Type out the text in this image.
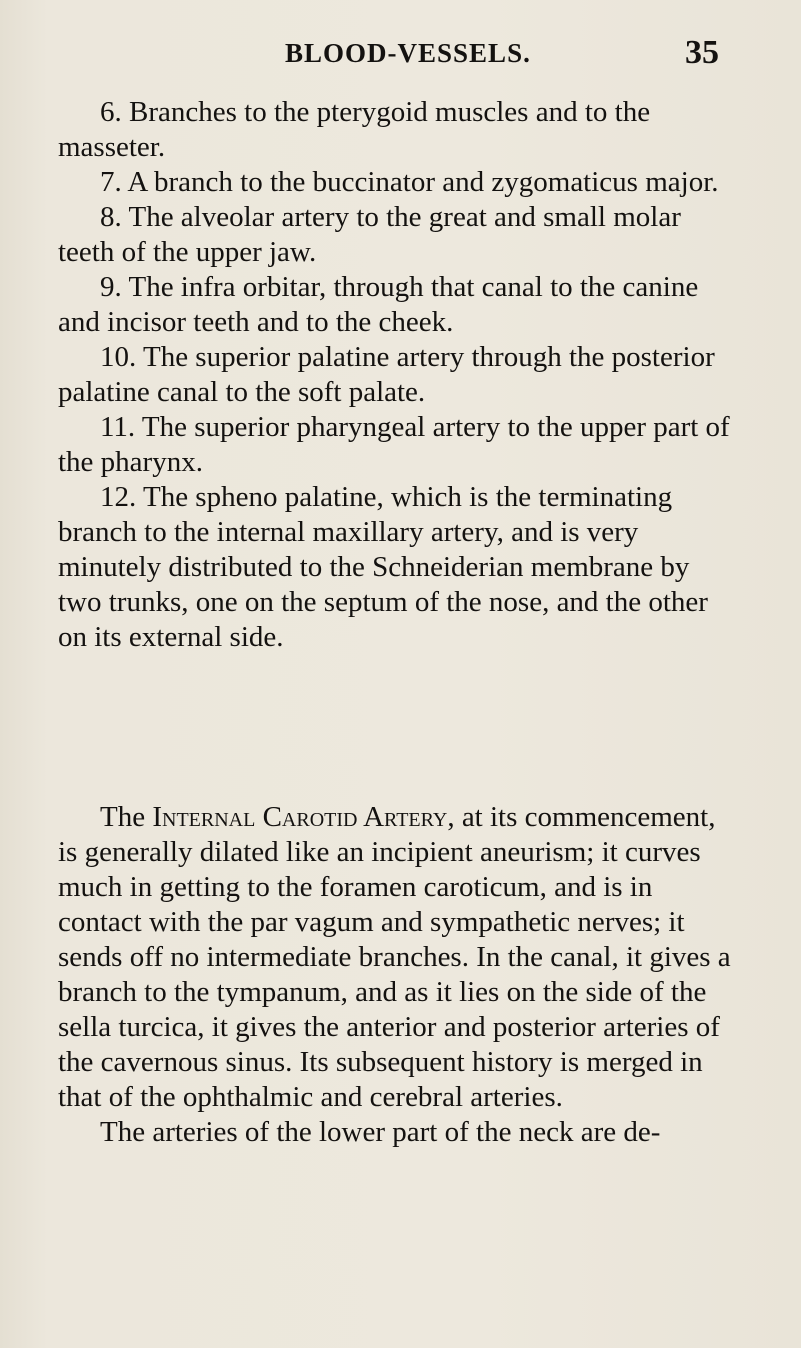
BLOOD-VESSELS.	35

6. Branches to the pterygoid muscles and to the masseter.

7. A branch to the buccinator and zygomaticus major.

8. The alveolar artery to the great and small molar teeth of the upper jaw.

9. The infra orbitar, through that canal to the canine and incisor teeth and to the cheek.

10. The superior palatine artery through the posterior palatine canal to the soft palate.

11. The superior pharyngeal artery to the upper part of the pharynx.

12. The spheno palatine, which is the terminating branch to the internal maxillary artery, and is very minutely distributed to the Schneiderian membrane by two trunks, one on the septum of the nose, and the other on its external side.

The Internal Carotid Artery, at its commencement, is generally dilated like an incipient aneurism; it curves much in getting to the foramen caroticum, and is in contact with the par vagum and sympathetic nerves; it sends off no intermediate branches. In the canal, it gives a branch to the tympanum, and as it lies on the side of the sella turcica, it gives the anterior and posterior arteries of the cavernous sinus. Its subsequent history is merged in that of the ophthalmic and cerebral arteries.

The arteries of the lower part of the neck are de-
